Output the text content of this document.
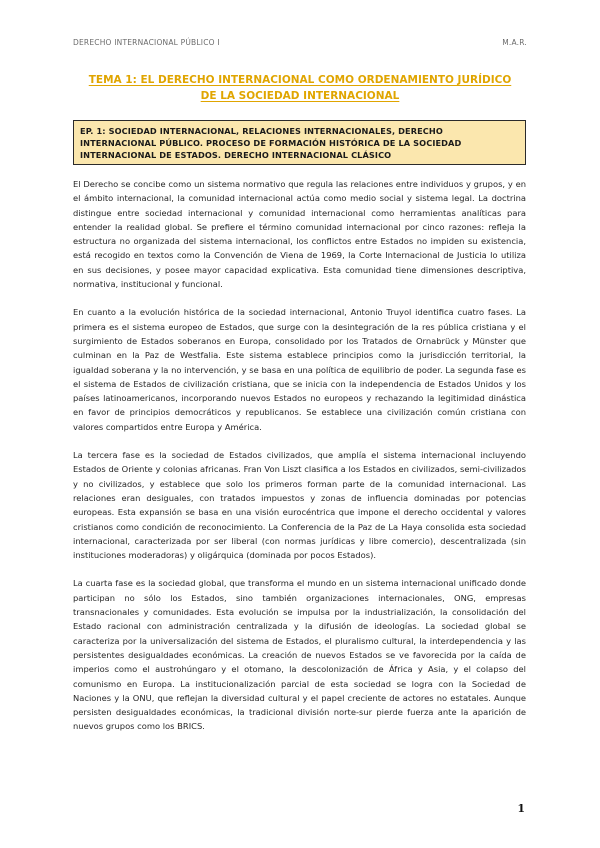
DERECHO INTERNACIONAL PÚBLICO I	M.A.R.
TEMA 1: EL DERECHO INTERNACIONAL COMO ORDENAMIENTO JURÍDICO DE LA SOCIEDAD INTERNACIONAL
EP. 1: SOCIEDAD INTERNACIONAL, RELACIONES INTERNACIONALES, DERECHO INTERNACIONAL PÚBLICO. PROCESO DE FORMACIÓN HISTÓRICA DE LA SOCIEDAD INTERNACIONAL DE ESTADOS. DERECHO INTERNACIONAL CLÁSICO

El Derecho se concibe como un sistema normativo que regula las relaciones entre individuos y grupos, y en el ámbito internacional, la comunidad internacional actúa como medio social y sistema legal. La doctrina distingue entre sociedad internacional y comunidad internacional como herramientas analíticas para entender la realidad global. Se prefiere el término comunidad internacional por cinco razones: refleja la estructura no organizada del sistema internacional, los conflictos entre Estados no impiden su existencia, está recogido en textos como la Convención de Viena de 1969, la Corte Internacional de Justicia lo utiliza en sus decisiones, y posee mayor capacidad explicativa. Esta comunidad tiene dimensiones descriptiva, normativa, institucional y funcional.

En cuanto a la evolución histórica de la sociedad internacional, Antonio Truyol identifica cuatro fases. La primera es el sistema europeo de Estados, que surge con la desintegración de la res pública cristiana y el surgimiento de Estados soberanos en Europa, consolidado por los Tratados de Ornabrück y Münster que culminan en la Paz de Westfalia. Este sistema establece principios como la jurisdicción territorial, la igualdad soberana y la no intervención, y se basa en una política de equilibrio de poder. La segunda fase es el sistema de Estados de civilización cristiana, que se inicia con la independencia de Estados Unidos y los países latinoamericanos, incorporando nuevos Estados no europeos y rechazando la legitimidad dinástica en favor de principios democráticos y republicanos. Se establece una civilización común cristiana con valores compartidos entre Europa y América.

La tercera fase es la sociedad de Estados civilizados, que amplía el sistema internacional incluyendo Estados de Oriente y colonias africanas. Fran Von Liszt clasifica a los Estados en civilizados, semi-civilizados y no civilizados, y establece que solo los primeros forman parte de la comunidad internacional. Las relaciones eran desiguales, con tratados impuestos y zonas de influencia dominadas por potencias europeas. Esta expansión se basa en una visión eurocéntrica que impone el derecho occidental y valores cristianos como condición de reconocimiento. La Conferencia de la Paz de La Haya consolida esta sociedad internacional, caracterizada por ser liberal (con normas jurídicas y libre comercio), descentralizada (sin instituciones moderadoras) y oligárquica (dominada por pocos Estados).

La cuarta fase es la sociedad global, que transforma el mundo en un sistema internacional unificado donde participan no sólo los Estados, sino también organizaciones internacionales, ONG, empresas transnacionales y comunidades. Esta evolución se impulsa por la industrialización, la consolidación del Estado racional con administración centralizada y la difusión de ideologías. La sociedad global se caracteriza por la universalización del sistema de Estados, el pluralismo cultural, la interdependencia y las persistentes desigualdades económicas. La creación de nuevos Estados se ve favorecida por la caída de imperios como el austrohúngaro y el otomano, la descolonización de África y Asia, y el colapso del comunismo en Europa. La institucionalización parcial de esta sociedad se logra con la Sociedad de Naciones y la ONU, que reflejan la diversidad cultural y el papel creciente de actores no estatales. Aunque persisten desigualdades económicas, la tradicional división norte-sur pierde fuerza ante la aparición de nuevos grupos como los BRICS.

1
